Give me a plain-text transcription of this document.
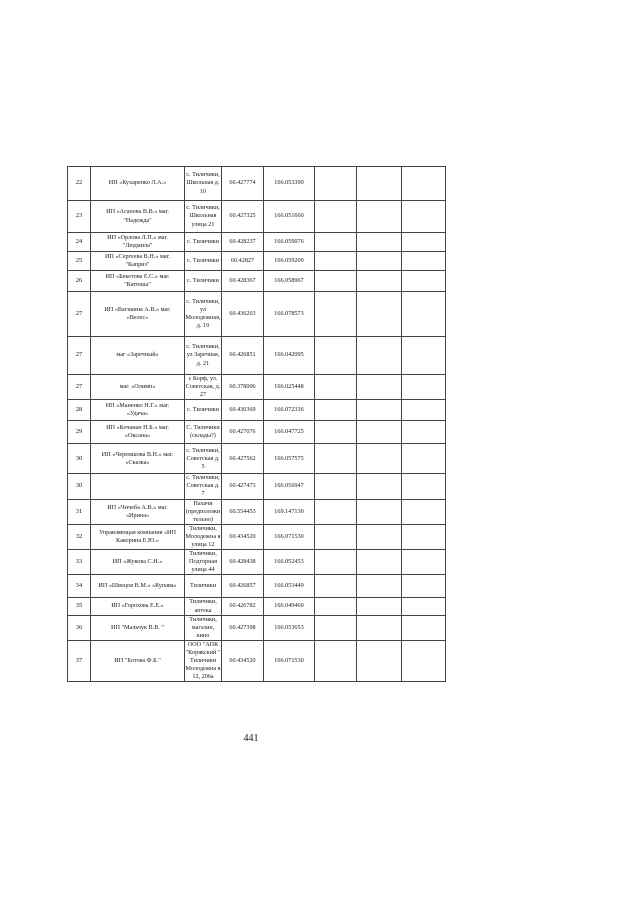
22	ИП «Кухаренко Л.А.»	с. Тиличики, Школьная д. 10	60.427774	166.053390			
23	ИП «Агапова В.В.» маг. "Надежда"	с. Тиличики, Школьная улица 21	60.427325	166.051660			
24	ИП «Орлова Л.П.» маг. "Людмила"	с. Тиличики	60.428237	166.059076			
25	ИП «Сергеева В.Н.» маг. "Каприз"	с. Тиличики	60.42827	166.059209			
26	ИП «Бекетова Е.С.» маг. "Катюша"	с. Тиличики	60.428367	166.058967			
27	ИП «Вагнаина А.В.» маг. «Велес»	с. Тиличики, ул Молодежная, д. 19	60.436263	166.078573			
27	маг «Заречный»	с. Тиличики, ул Заречная, д. 21	60.426851	166.042095			
27	маг. «Олимп»	с Корф, ул. Советская, д. 27	60.378006	166.025448			
28	ИП «Маненко Н.Г.» маг. «Удача»	с. Тиличики	60.430369	166.072336			
29	ИП «Кочанан Н.Б.» маг. «Оксана»	С. Тиличики (склады?)	60.427076	166.047725			
30	ИП «Черемшова В.Н.» маг. «Сказка»	с. Тиличики, Советская д. 5	60.427562	166.057575			
30		с. Тиличики, Советская д. 7	60.427473	166.056947			
31	ИП «Чичеба А.В.» маг. «Ирина»	Пахачи (предположи тельно)	60.554453	169.147130			
32	Управляющая компания «ИП Какорина Е.Ю.»	Тиличики, Молодежна я улица 12	60.434520	166.071530			
33	ИП «Жукова С.Н.»	Тиличики, Подгорная улица 44	60.428438	166.052453			
34	ИП «Швецов В.М.» «Купава»	Тиличики	60.426857	166.053449			
35	ИП «Горохова Е.Е.»	Тиличики, аптека	60.426782	166.049460			
36	ИП "Мальчук В.В. "	Тиличики, магазин, кино	60.427398	166.053653			
37	ИП "Ботова Ф.Б."	ООО "АПК "Корякский " Тиличики Молодежна я 12, 206а	60.434520	166.071530			
441
